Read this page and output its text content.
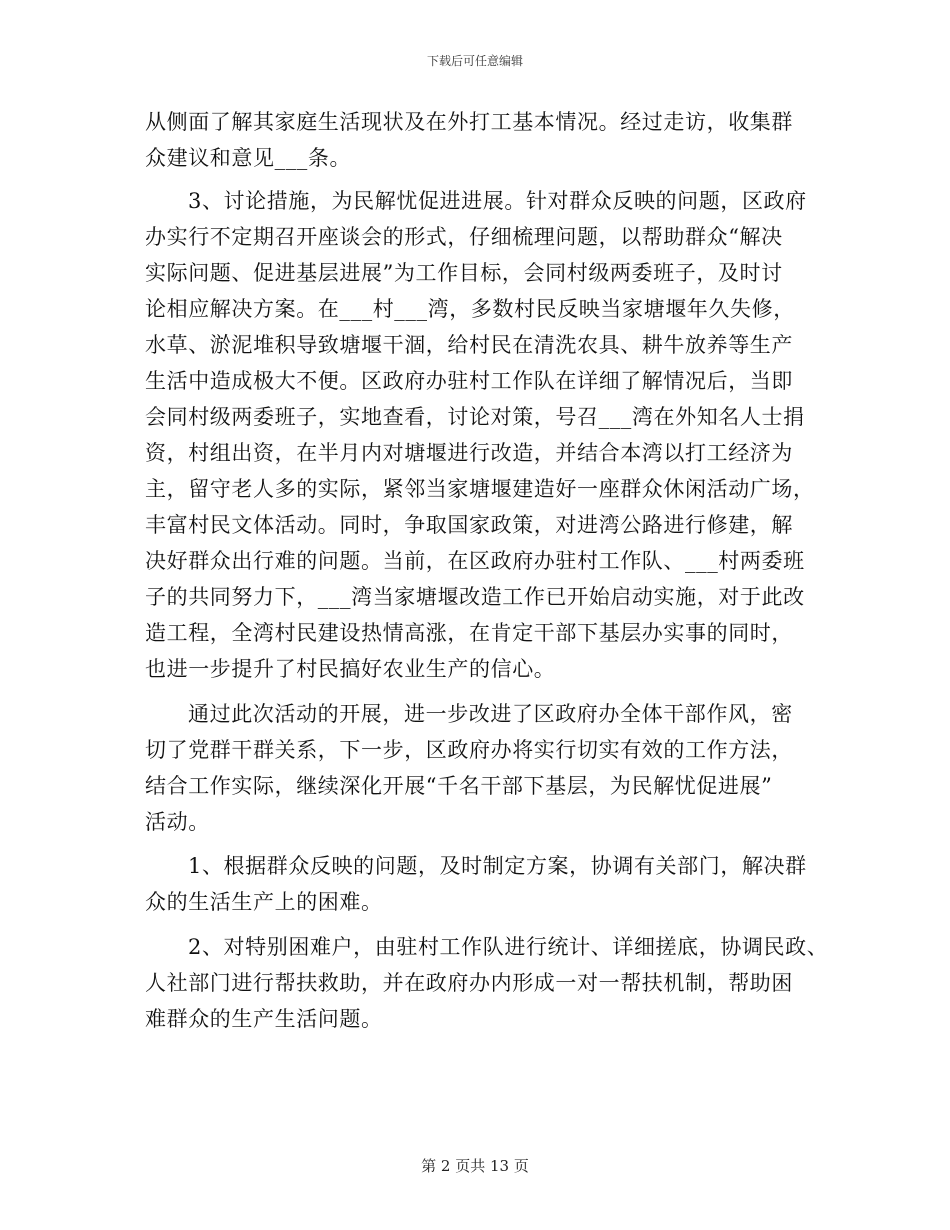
下载后可任意编辑
从侧面了解其家庭生活现状及在外打工基本情况。经过走访，收集群
众建议和意见___条。
3、讨论措施，为民解忧促进进展。针对群众反映的问题，区政府
办实行不定期召开座谈会的形式，仔细梳理问题，以帮助群众“解决
实际问题、促进基层进展”为工作目标，会同村级两委班子，及时讨
论相应解决方案。在___村___湾，多数村民反映当家塘堰年久失修，
水草、淤泥堆积导致塘堰干涸，给村民在清洗农具、耕牛放养等生产
生活中造成极大不便。区政府办驻村工作队在详细了解情况后，当即
会同村级两委班子，实地查看，讨论对策，号召___湾在外知名人士捐
资，村组出资，在半月内对塘堰进行改造，并结合本湾以打工经济为
主，留守老人多的实际，紧邻当家塘堰建造好一座群众休闲活动广场，
丰富村民文体活动。同时，争取国家政策，对进湾公路进行修建，解
决好群众出行难的问题。当前，在区政府办驻村工作队、___村两委班
子的共同努力下，___湾当家塘堰改造工作已开始启动实施，对于此改
造工程，全湾村民建设热情高涨，在肯定干部下基层办实事的同时，
也进一步提升了村民搞好农业生产的信心。
通过此次活动的开展，进一步改进了区政府办全体干部作风，密
切了党群干群关系，下一步，区政府办将实行切实有效的工作方法，
结合工作实际，继续深化开展“千名干部下基层，为民解忧促进展”
活动。
1、根据群众反映的问题，及时制定方案，协调有关部门，解决群
众的生活生产上的困难。
2、对特别困难户，由驻村工作队进行统计、详细搓底，协调民政、
人社部门进行帮扶救助，并在政府办内形成一对一帮扶机制，帮助困
难群众的生产生活问题。
第 2 页共 13 页
